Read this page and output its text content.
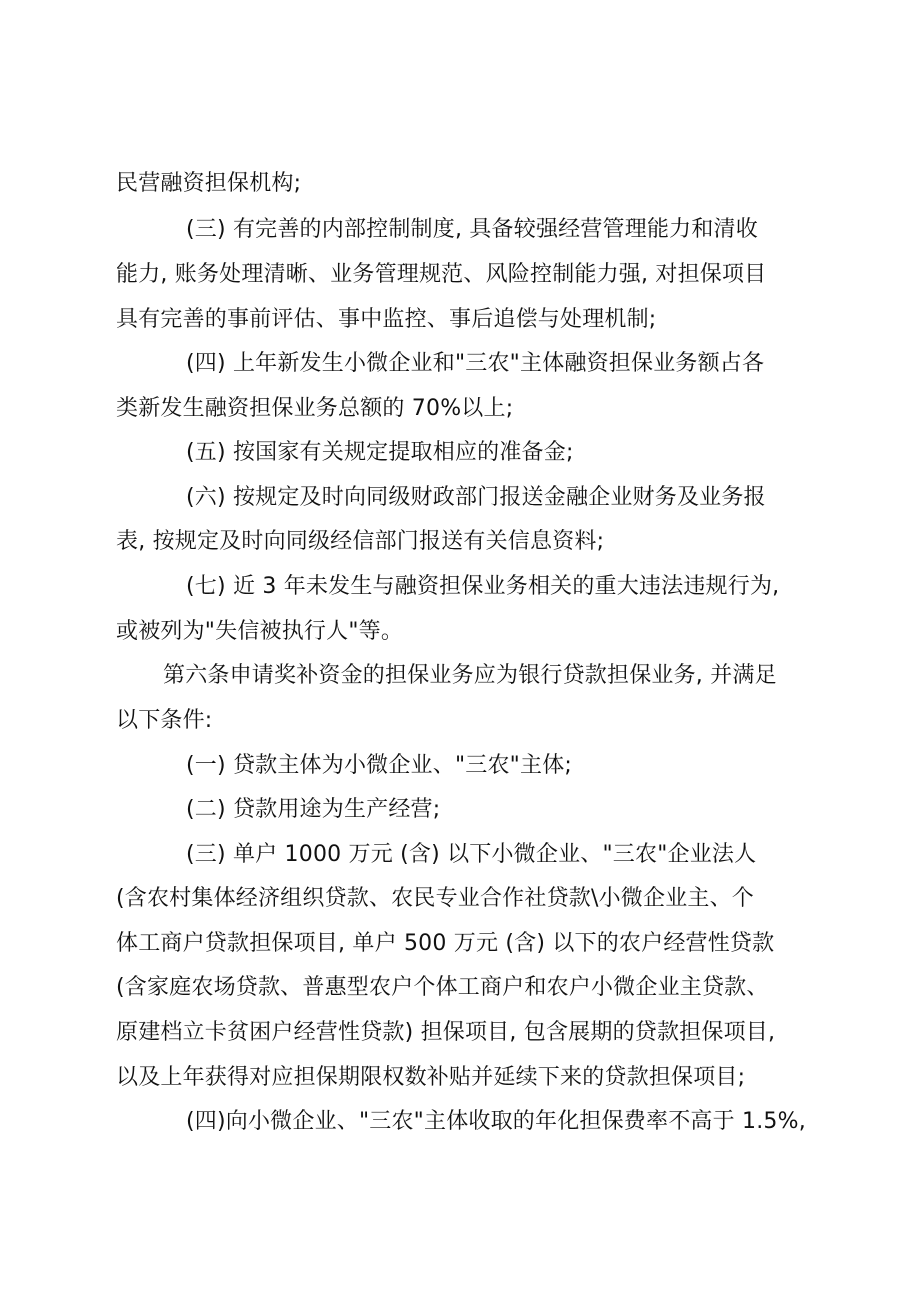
民营融资担保机构;
(三) 有完善的内部控制制度, 具备较强经营管理能力和清收
能力, 账务处理清晰、业务管理规范、风险控制能力强, 对担保项目
具有完善的事前评估、事中监控、事后追偿与处理机制;
(四) 上年新发生小微企业和"三农"主体融资担保业务额占各
类新发生融资担保业务总额的 70%以上;
(五) 按国家有关规定提取相应的准备金;
(六) 按规定及时向同级财政部门报送金融企业财务及业务报
表, 按规定及时向同级经信部门报送有关信息资料;
(七) 近 3 年未发生与融资担保业务相关的重大违法违规行为,
或被列为"失信被执行人"等。
第六条申请奖补资金的担保业务应为银行贷款担保业务, 并满足
以下条件:
(一) 贷款主体为小微企业、"三农"主体;
(二) 贷款用途为生产经营;
(三) 单户 1000 万元 (含) 以下小微企业、"三农"企业法人
(含农村集体经济组织贷款、农民专业合作社贷款\小微企业主、个
体工商户贷款担保项目, 单户 500 万元 (含) 以下的农户经营性贷款
(含家庭农场贷款、普惠型农户个体工商户和农户小微企业主贷款、
原建档立卡贫困户经营性贷款) 担保项目, 包含展期的贷款担保项目,
以及上年获得对应担保期限权数补贴并延续下来的贷款担保项目;
(四)向小微企业、"三农"主体收取的年化担保费率不高于 1.5%,
